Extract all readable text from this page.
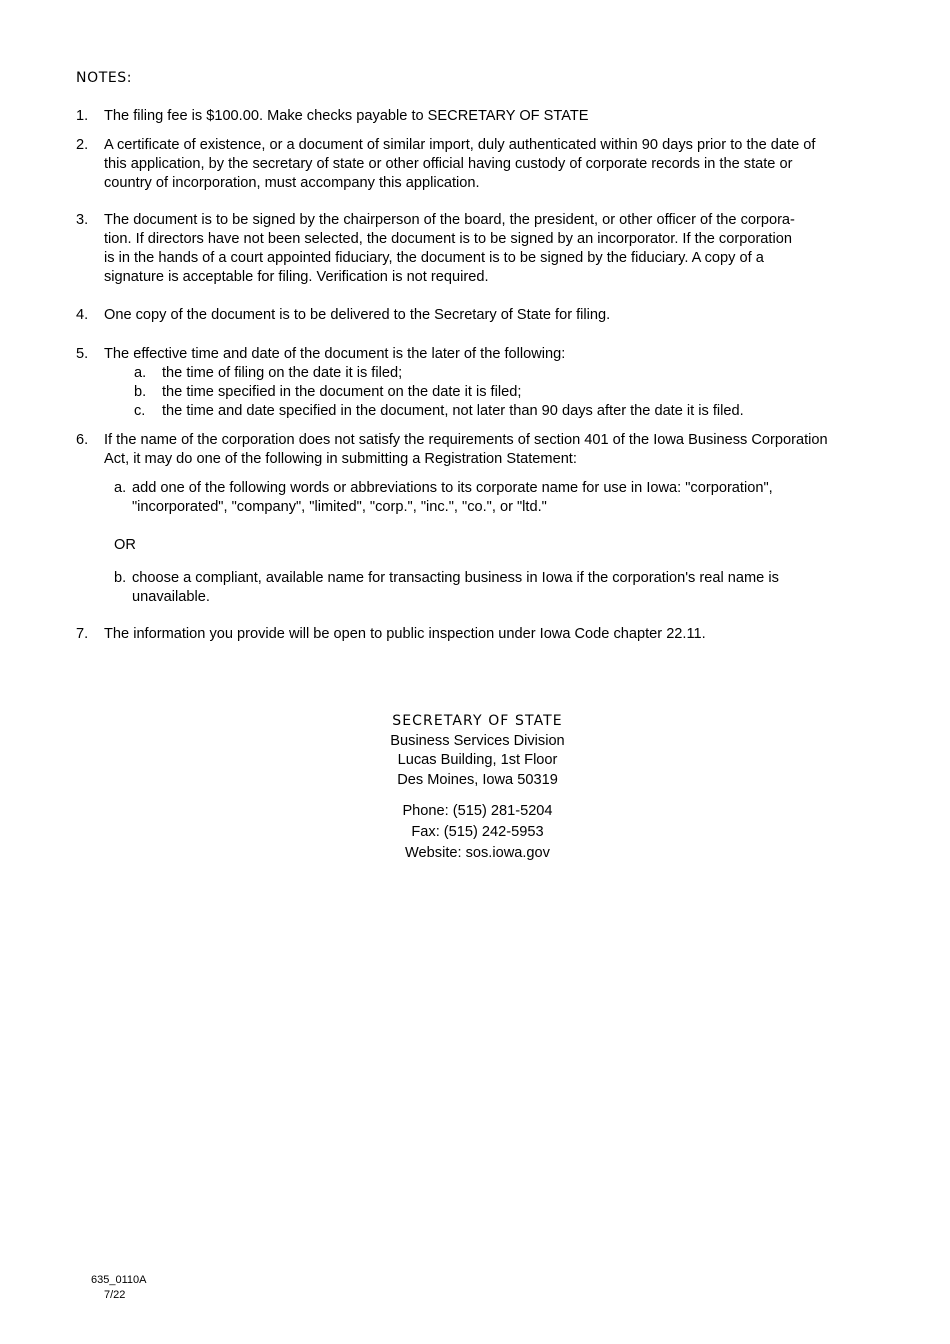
NOTES:
1.	The filing fee is $100.00. Make checks payable to SECRETARY OF STATE
2.	A certificate of existence, or a document of similar import, duly authenticated within 90 days prior to the date of
this application, by the secretary of state or other official having custody of corporate records in the state or
country of incorporation, must accompany this application.
3.	The document is to be signed by the chairperson of the board, the president, or other officer of the corpora-
tion. If directors have not been selected, the document is to be signed by an incorporator. If the corporation
is in the hands of a court appointed fiduciary, the document is to be signed by the fiduciary. A copy of a
signature is acceptable for filing. Verification is not required.
4.	One copy of the document is to be delivered to the Secretary of State for filing.
5.	The effective time and date of the document is the later of the following:
a.	the time of filing on the date it is filed;
b.	the time specified in the document on the date it is filed;
c.	the time and date specified in the document, not later than 90 days after the date it is filed.
6.	If the name of the corporation does not satisfy the requirements of section 401 of the Iowa Business Corporation
Act, it may do one of the following in submitting a Registration Statement:
a. add one of the following words or abbreviations to its corporate name for use in Iowa: "corporation",
"incorporated", "company", "limited", "corp.", "inc.", "co.", or "ltd."
OR
b. choose a compliant, available name for transacting business in Iowa if the corporation's real name is
unavailable.
7.	The information you provide will be open to public inspection under Iowa Code chapter 22.11.
SECRETARY OF STATE
Business Services Division
Lucas Building, 1st Floor
Des Moines, Iowa 50319
Phone: (515) 281-5204
Fax: (515) 242-5953
Website: sos.iowa.gov
635_0110A
7/22
